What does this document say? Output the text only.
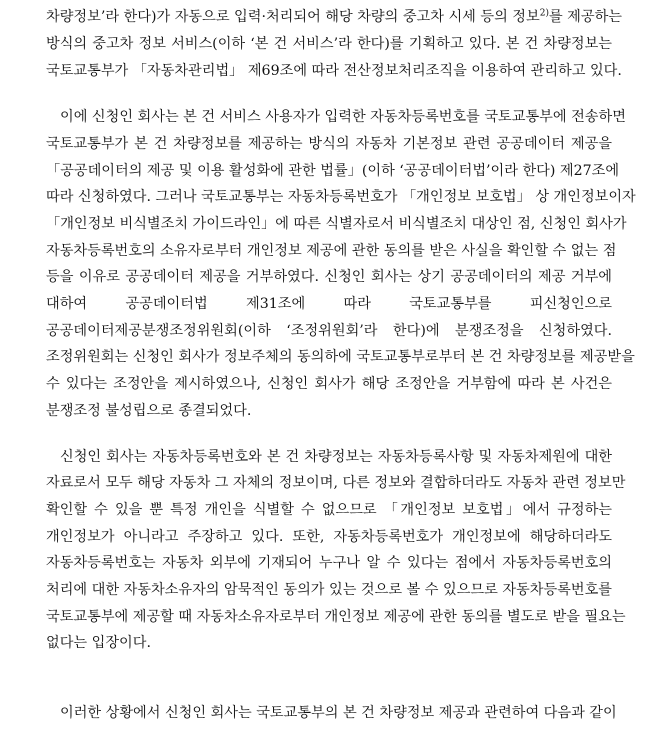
차량정보’라 한다)가 자동으로 입력·처리되어 해당 차량의 중고차 시세 등의 정보$^{2)}$를 제공하는
방식의 중고차 정보 서비스(이하 ‘본 건 서비스’라 한다)를 기획하고 있다. 본 건 차량정보는
국토교통부가 「자동차관리법」 제69조에 따라 전산정보처리조직을 이용하여 관리하고 있다.
이에 신청인 회사는 본 건 서비스 사용자가 입력한 자동차등록번호를 국토교통부에 전송하면
국토교통부가 본 건 차량정보를 제공하는 방식의 자동차 기본정보 관련 공공데이터 제공을
「공공데이터의 제공 및 이용 활성화에 관한 법률」(이하 ‘공공데이터법’이라 한다) 제27조에
따라 신청하였다. 그러나 국토교통부는 자동차등록번호가 「개인정보 보호법」 상 개인정보이자
「개인정보 비식별조치 가이드라인」에 따른 식별자로서 비식별조치 대상인 점, 신청인 회사가
자동차등록번호의 소유자로부터 개인정보 제공에 관한 동의를 받은 사실을 확인할 수 없는 점
등을 이유로 공공데이터 제공을 거부하였다. 신청인 회사는 상기 공공데이터의 제공 거부에
대하여 공공데이터법 제31조에 따라 국토교통부를 피신청인으로
공공데이터제공분쟁조정위원회(이하 ‘조정위원회’라 한다)에 분쟁조정을 신청하였다.
조정위원회는 신청인 회사가 정보주체의 동의하에 국토교통부로부터 본 건 차량정보를 제공받을
수 있다는 조정안을 제시하였으나, 신청인 회사가 해당 조정안을 거부함에 따라 본 사건은
분쟁조정 불성립으로 종결되었다.
신청인 회사는 자동차등록번호와 본 건 차량정보는 자동차등록사항 및 자동차제원에 대한
자료로서 모두 해당 자동차 그 자체의 정보이며, 다른 정보와 결합하더라도 자동차 관련 정보만
확인할 수 있을 뿐 특정 개인을 식별할 수 없으므로 「개인정보 보호법」에서 규정하는
개인정보가 아니라고 주장하고 있다. 또한, 자동차등록번호가 개인정보에 해당하더라도
자동차등록번호는 자동차 외부에 기재되어 누구나 알 수 있다는 점에서 자동차등록번호의
처리에 대한 자동차소유자의 암묵적인 동의가 있는 것으로 볼 수 있으므로 자동차등록번호를
국토교통부에 제공할 때 자동차소유자로부터 개인정보 제공에 관한 동의를 별도로 받을 필요는
없다는 입장이다.
이러한 상황에서 신청인 회사는 국토교통부의 본 건 차량정보 제공과 관련하여 다음과 같이
